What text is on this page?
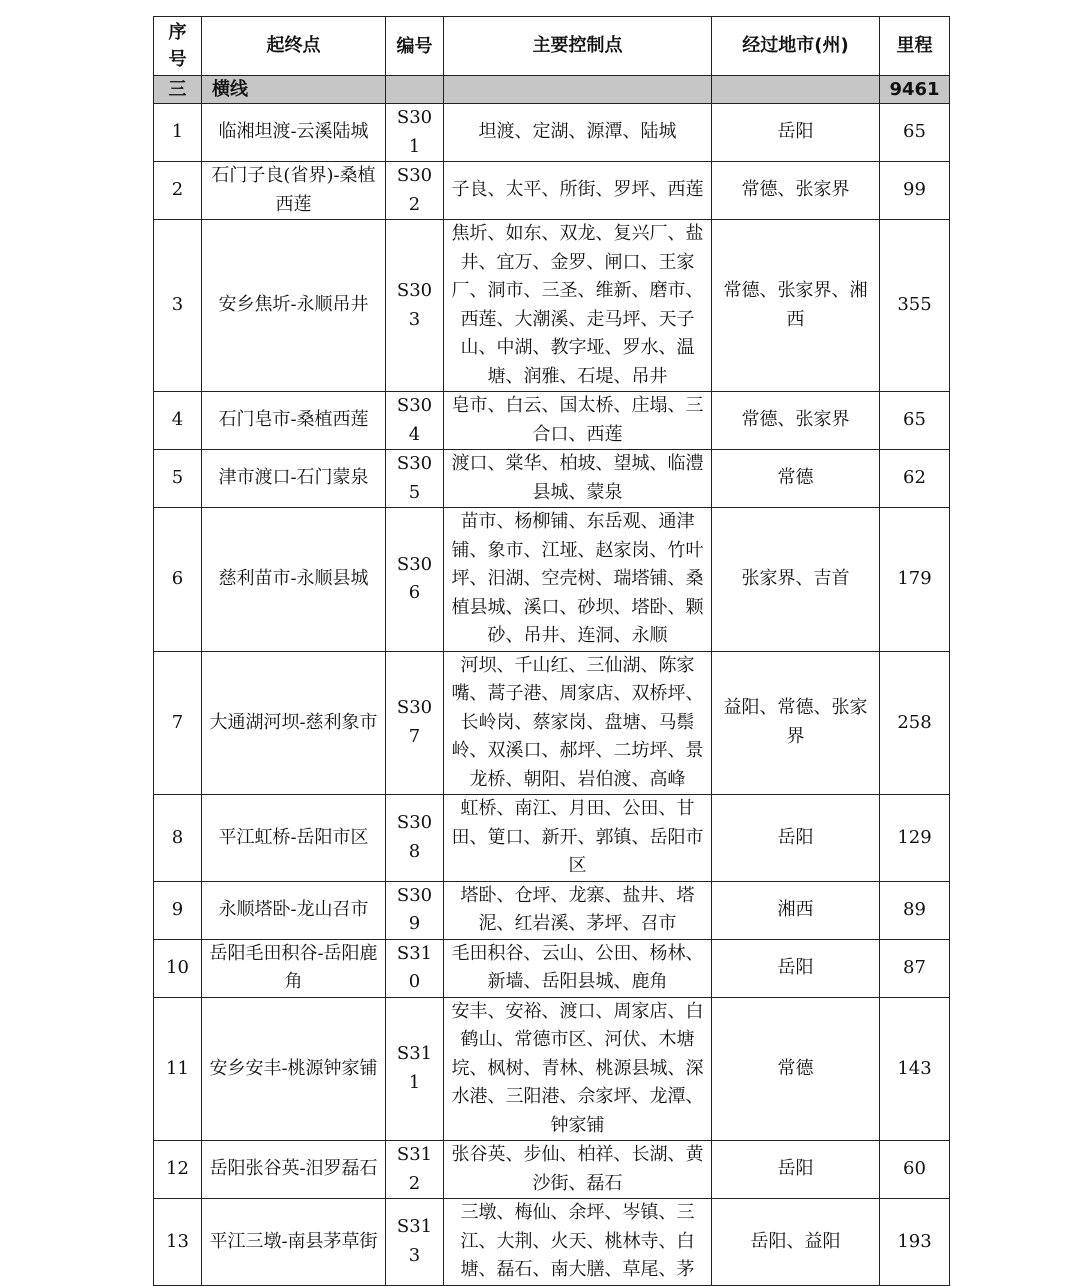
序号	起终点	编号	主要控制点	经过地市(州)	里程
三	横线				9461
1	临湘坦渡-云溪陆城	S301	坦渡、定湖、源潭、陆城	岳阳	65
2	石门子良(省界)-桑植西莲	S302	子良、太平、所街、罗坪、西莲	常德、张家界	99
3	安乡焦圻-永顺吊井	S303	焦圻、如东、双龙、复兴厂、盐井、宜万、金罗、闸口、王家厂、洞市、三圣、维新、磨市、西莲、大潮溪、走马坪、天子山、中湖、教字垭、罗水、温塘、润雅、石堤、吊井	常德、张家界、湘西	355
4	石门皂市-桑植西莲	S304	皂市、白云、国太桥、庄塌、三合口、西莲	常德、张家界	65
5	津市渡口-石门蒙泉	S305	渡口、棠华、柏坡、望城、临澧县城、蒙泉	常德	62
6	慈利苗市-永顺县城	S306	苗市、杨柳铺、东岳观、通津铺、象市、江垭、赵家岗、竹叶坪、汨湖、空壳树、瑞塔铺、桑植县城、溪口、砂坝、塔卧、颗砂、吊井、连洞、永顺	张家界、吉首	179
7	大通湖河坝-慈利象市	S307	河坝、千山红、三仙湖、陈家嘴、蒿子港、周家店、双桥坪、长岭岗、蔡家岗、盘塘、马鬃岭、双溪口、郝坪、二坊坪、景龙桥、朝阳、岩伯渡、高峰	益阳、常德、张家界	258
8	平江虹桥-岳阳市区	S308	虹桥、南江、月田、公田、甘田、筻口、新开、郭镇、岳阳市区	岳阳	129
9	永顺塔卧-龙山召市	S309	塔卧、仓坪、龙寨、盐井、塔泥、红岩溪、茅坪、召市	湘西	89
10	岳阳毛田积谷-岳阳鹿角	S310	毛田积谷、云山、公田、杨林、新墙、岳阳县城、鹿角	岳阳	87
11	安乡安丰-桃源钟家铺	S311	安丰、安裕、渡口、周家店、白鹤山、常德市区、河伏、木塘垸、枫树、青林、桃源县城、深水港、三阳港、佘家坪、龙潭、钟家铺	常德	143
12	岳阳张谷英-汨罗磊石	S312	张谷英、步仙、柏祥、长湖、黄沙街、磊石	岳阳	60
13	平江三墩-南县茅草街	S313	三墩、梅仙、余坪、岑镇、三江、大荆、火天、桃林寺、白塘、磊石、南大膳、草尾、茅	岳阳、益阳	193
